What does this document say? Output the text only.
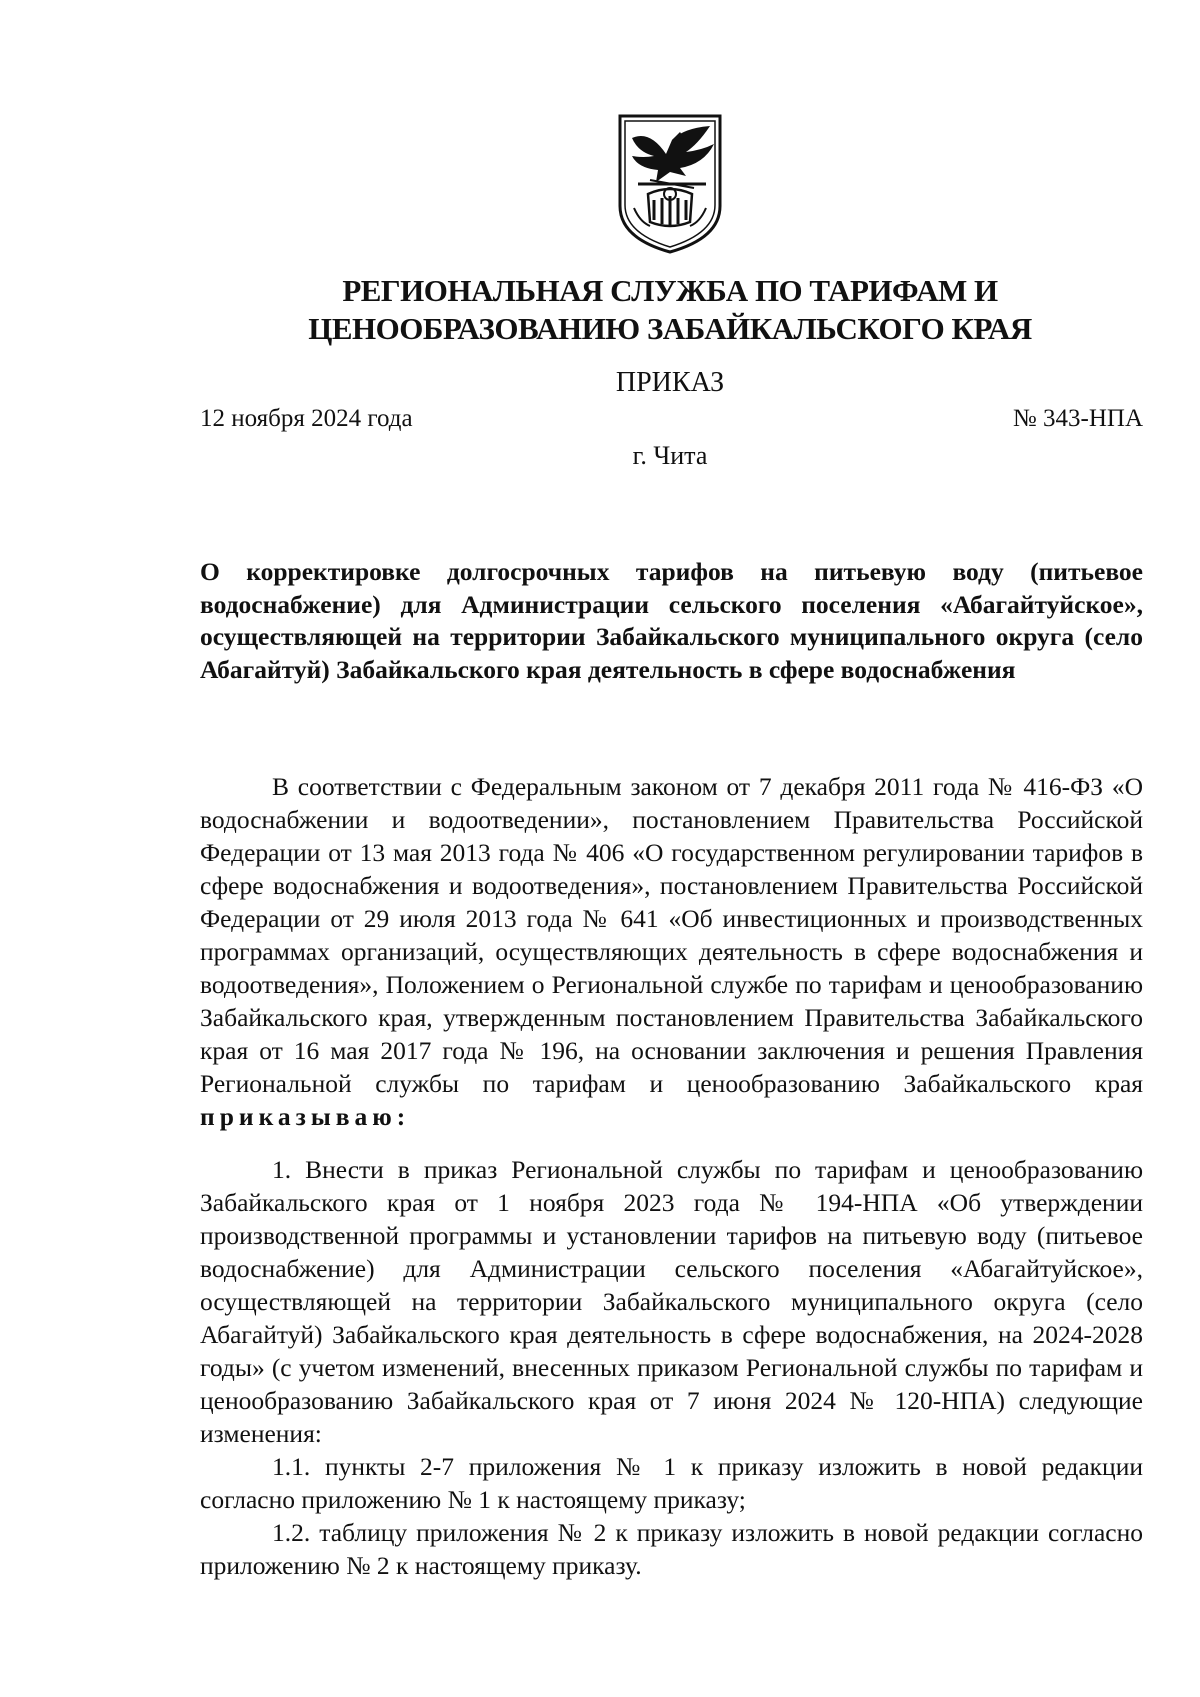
РЕГИОНАЛЬНАЯ СЛУЖБА ПО ТАРИФАМ И
ЦЕНООБРАЗОВАНИЮ ЗАБАЙКАЛЬСКОГО КРАЯ
ПРИКАЗ
12 ноября 2024 года	№ 343-НПА
г. Чита
О корректировке долгосрочных тарифов на питьевую воду (питьевое водоснабжение) для Администрации сельского поселения «Абагайтуйское», осуществляющей на территории Забайкальского муниципального округа (село Абагайтуй) Забайкальского края деятельность в сфере водоснабжения

В соответствии с Федеральным законом от 7 декабря 2011 года № 416-ФЗ «О водоснабжении и водоотведении», постановлением Правительства Российской Федерации от 13 мая 2013 года № 406 «О государственном регулировании тарифов в сфере водоснабжения и водоотведения», постановлением Правительства Российской Федерации от 29 июля 2013 года № 641 «Об инвестиционных и производственных программах организаций, осуществляющих деятельность в сфере водоснабжения и водоотведения», Положением о Региональной службе по тарифам и ценообразованию Забайкальского края, утвержденным постановлением Правительства Забайкальского края от 16 мая 2017 года № 196, на основании заключения и решения Правления Региональной службы по тарифам и ценообразованию Забайкальского края приказываю:

1. Внести в приказ Региональной службы по тарифам и ценообразованию Забайкальского края от 1 ноября 2023 года № 194-НПА «Об утверждении производственной программы и установлении тарифов на питьевую воду (питьевое водоснабжение) для Администрации сельского поселения «Абагайтуйское», осуществляющей на территории Забайкальского муниципального округа (село Абагайтуй) Забайкальского края деятельность в сфере водоснабжения, на 2024-2028 годы» (с учетом изменений, внесенных приказом Региональной службы по тарифам и ценообразованию Забайкальского края от 7 июня 2024 № 120-НПА) следующие изменения:

1.1. пункты 2-7 приложения № 1 к приказу изложить в новой редакции согласно приложению № 1 к настоящему приказу;

1.2. таблицу приложения № 2 к приказу изложить в новой редакции согласно приложению № 2 к настоящему приказу.
